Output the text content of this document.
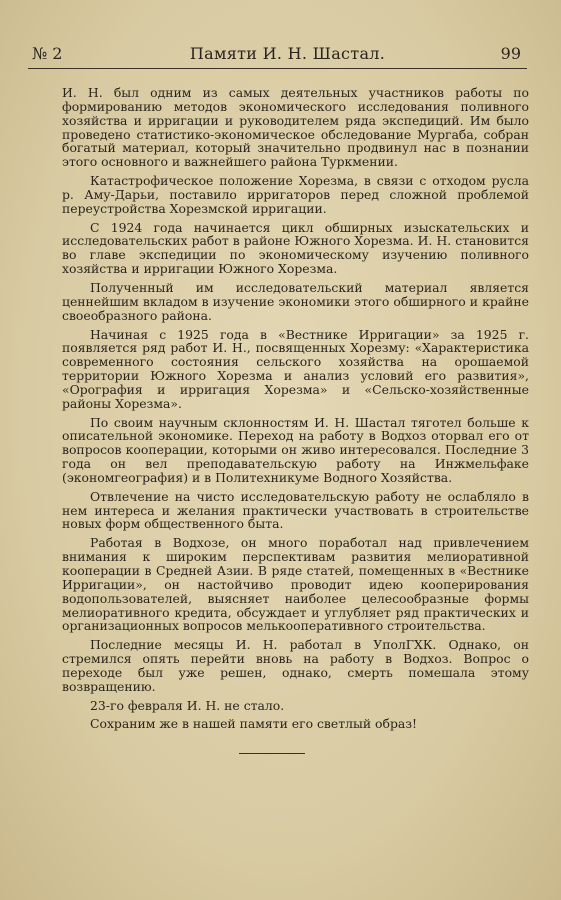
№ 2	Памяти И. Н. Шастал.	99

И. Н. был одним из самых деятельных участников работы по формированию методов экономического исследования поливного хозяйства и ирригации и руководителем ряда экспедиций. Им было проведено статистико-экономическое обследование Мургаба, собран богатый материал, который значительно продвинул нас в познании этого основного и важнейшего района Туркмении.

Катастрофическое положение Хорезма, в связи с отходом русла р. Аму-Дарьи, поставило ирригаторов перед сложной проблемой переустройства Хорезмской ирригации.

С 1924 года начинается цикл обширных изыскательских и исследовательских работ в районе Южного Хорезма. И. Н. становится во главе экспедиции по экономическому изучению поливного хозяйства и ирригации Южного Хорезма.

Полученный им исследовательский материал является ценнейшим вкладом в изучение экономики этого обширного и крайне своеобразного района.

Начиная с 1925 года в «Вестнике Ирригации» за 1925 г. появляется ряд работ И. Н., посвященных Хорезму: «Характеристика современного состояния сельского хозяйства на орошаемой территории Южного Хорезма и анализ условий его развития», «Орография и ирригация Хорезма» и «Сельско-хозяйственные районы Хорезма».

По своим научным склонностям И. Н. Шастал тяготел больше к описательной экономике. Переход на работу в Водхоз оторвал его от вопросов кооперации, которыми он живо интересовался. Последние 3 года он вел преподавательскую работу на Инжмельфаке (экономгеография) и в Политехникуме Водного Хозяйства.

Отвлечение на чисто исследовательскую работу не ослабляло в нем интереса и желания практически участвовать в строительстве новых форм общественного быта.

Работая в Водхозе, он много поработал над привлечением внимания к широким перспективам развития мелиоративной кооперации в Средней Азии. В ряде статей, помещенных в «Вестнике Ирригации», он настойчиво проводит идею кооперирования водопользователей, выясняет наиболее целесообразные формы мелиоративного кредита, обсуждает и углубляет ряд практических и организационных вопросов мелькооперативного строительства.

Последние месяцы И. Н. работал в УполГХК. Однако, он стремился опять перейти вновь на работу в Водхоз. Вопрос о переходе был уже решен, однако, смерть помешала этому возвращению.

23-го февраля И. Н. не стало.

Сохраним же в нашей памяти его светлый образ!
